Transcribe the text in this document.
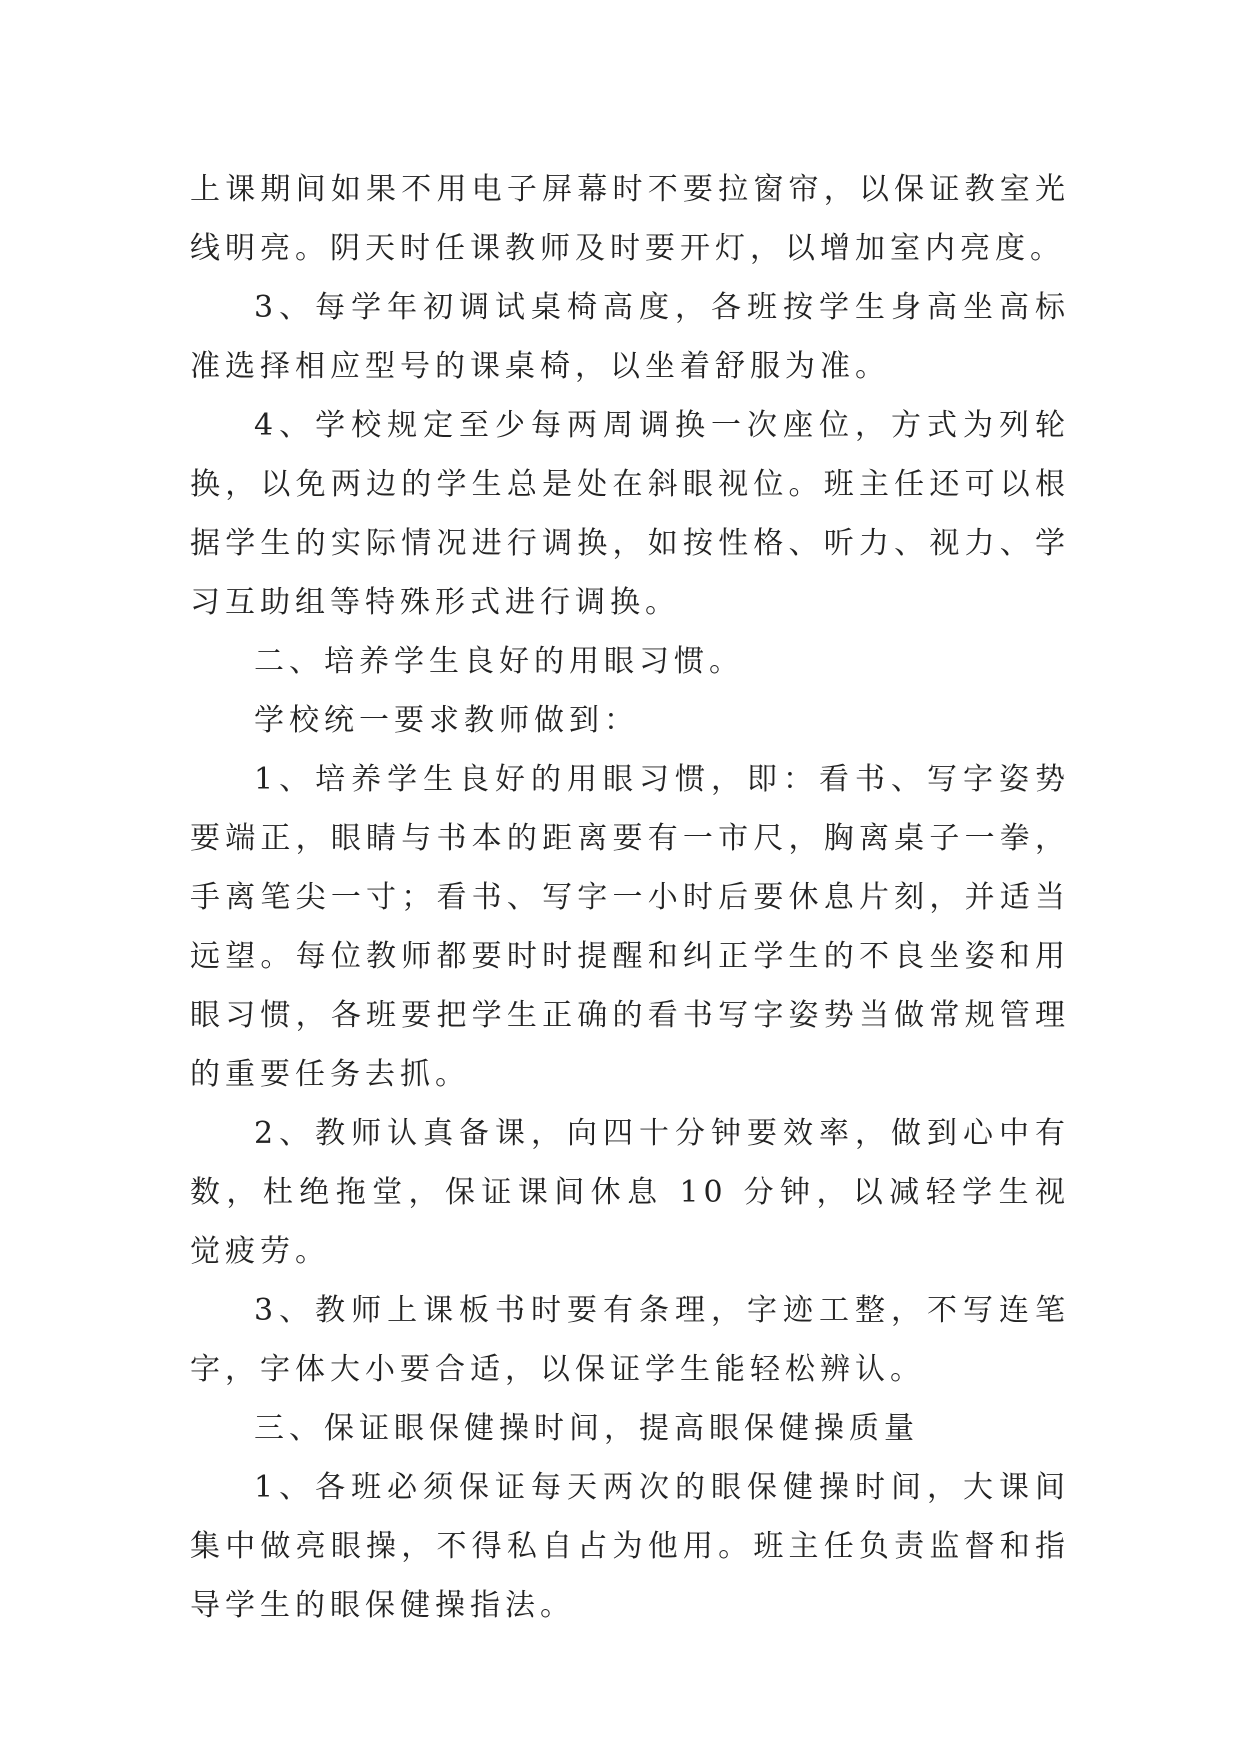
上课期间如果不用电子屏幕时不要拉窗帘，以保证教室光线明亮。阴天时任课教师及时要开灯，以增加室内亮度。

3、每学年初调试桌椅高度，各班按学生身高坐高标准选择相应型号的课桌椅，以坐着舒服为准。

4、学校规定至少每两周调换一次座位，方式为列轮换，以免两边的学生总是处在斜眼视位。班主任还可以根据学生的实际情况进行调换，如按性格、听力、视力、学习互助组等特殊形式进行调换。

二、培养学生良好的用眼习惯。

学校统一要求教师做到：

1、培养学生良好的用眼习惯，即：看书、写字姿势要端正，眼睛与书本的距离要有一市尺，胸离桌子一拳，手离笔尖一寸；看书、写字一小时后要休息片刻，并适当远望。每位教师都要时时提醒和纠正学生的不良坐姿和用眼习惯，各班要把学生正确的看书写字姿势当做常规管理的重要任务去抓。

2、教师认真备课，向四十分钟要效率，做到心中有数，杜绝拖堂，保证课间休息 10 分钟，以减轻学生视觉疲劳。

3、教师上课板书时要有条理，字迹工整，不写连笔字，字体大小要合适，以保证学生能轻松辨认。

三、保证眼保健操时间，提高眼保健操质量

1、各班必须保证每天两次的眼保健操时间，大课间集中做亮眼操，不得私自占为他用。班主任负责监督和指导学生的眼保健操指法。
